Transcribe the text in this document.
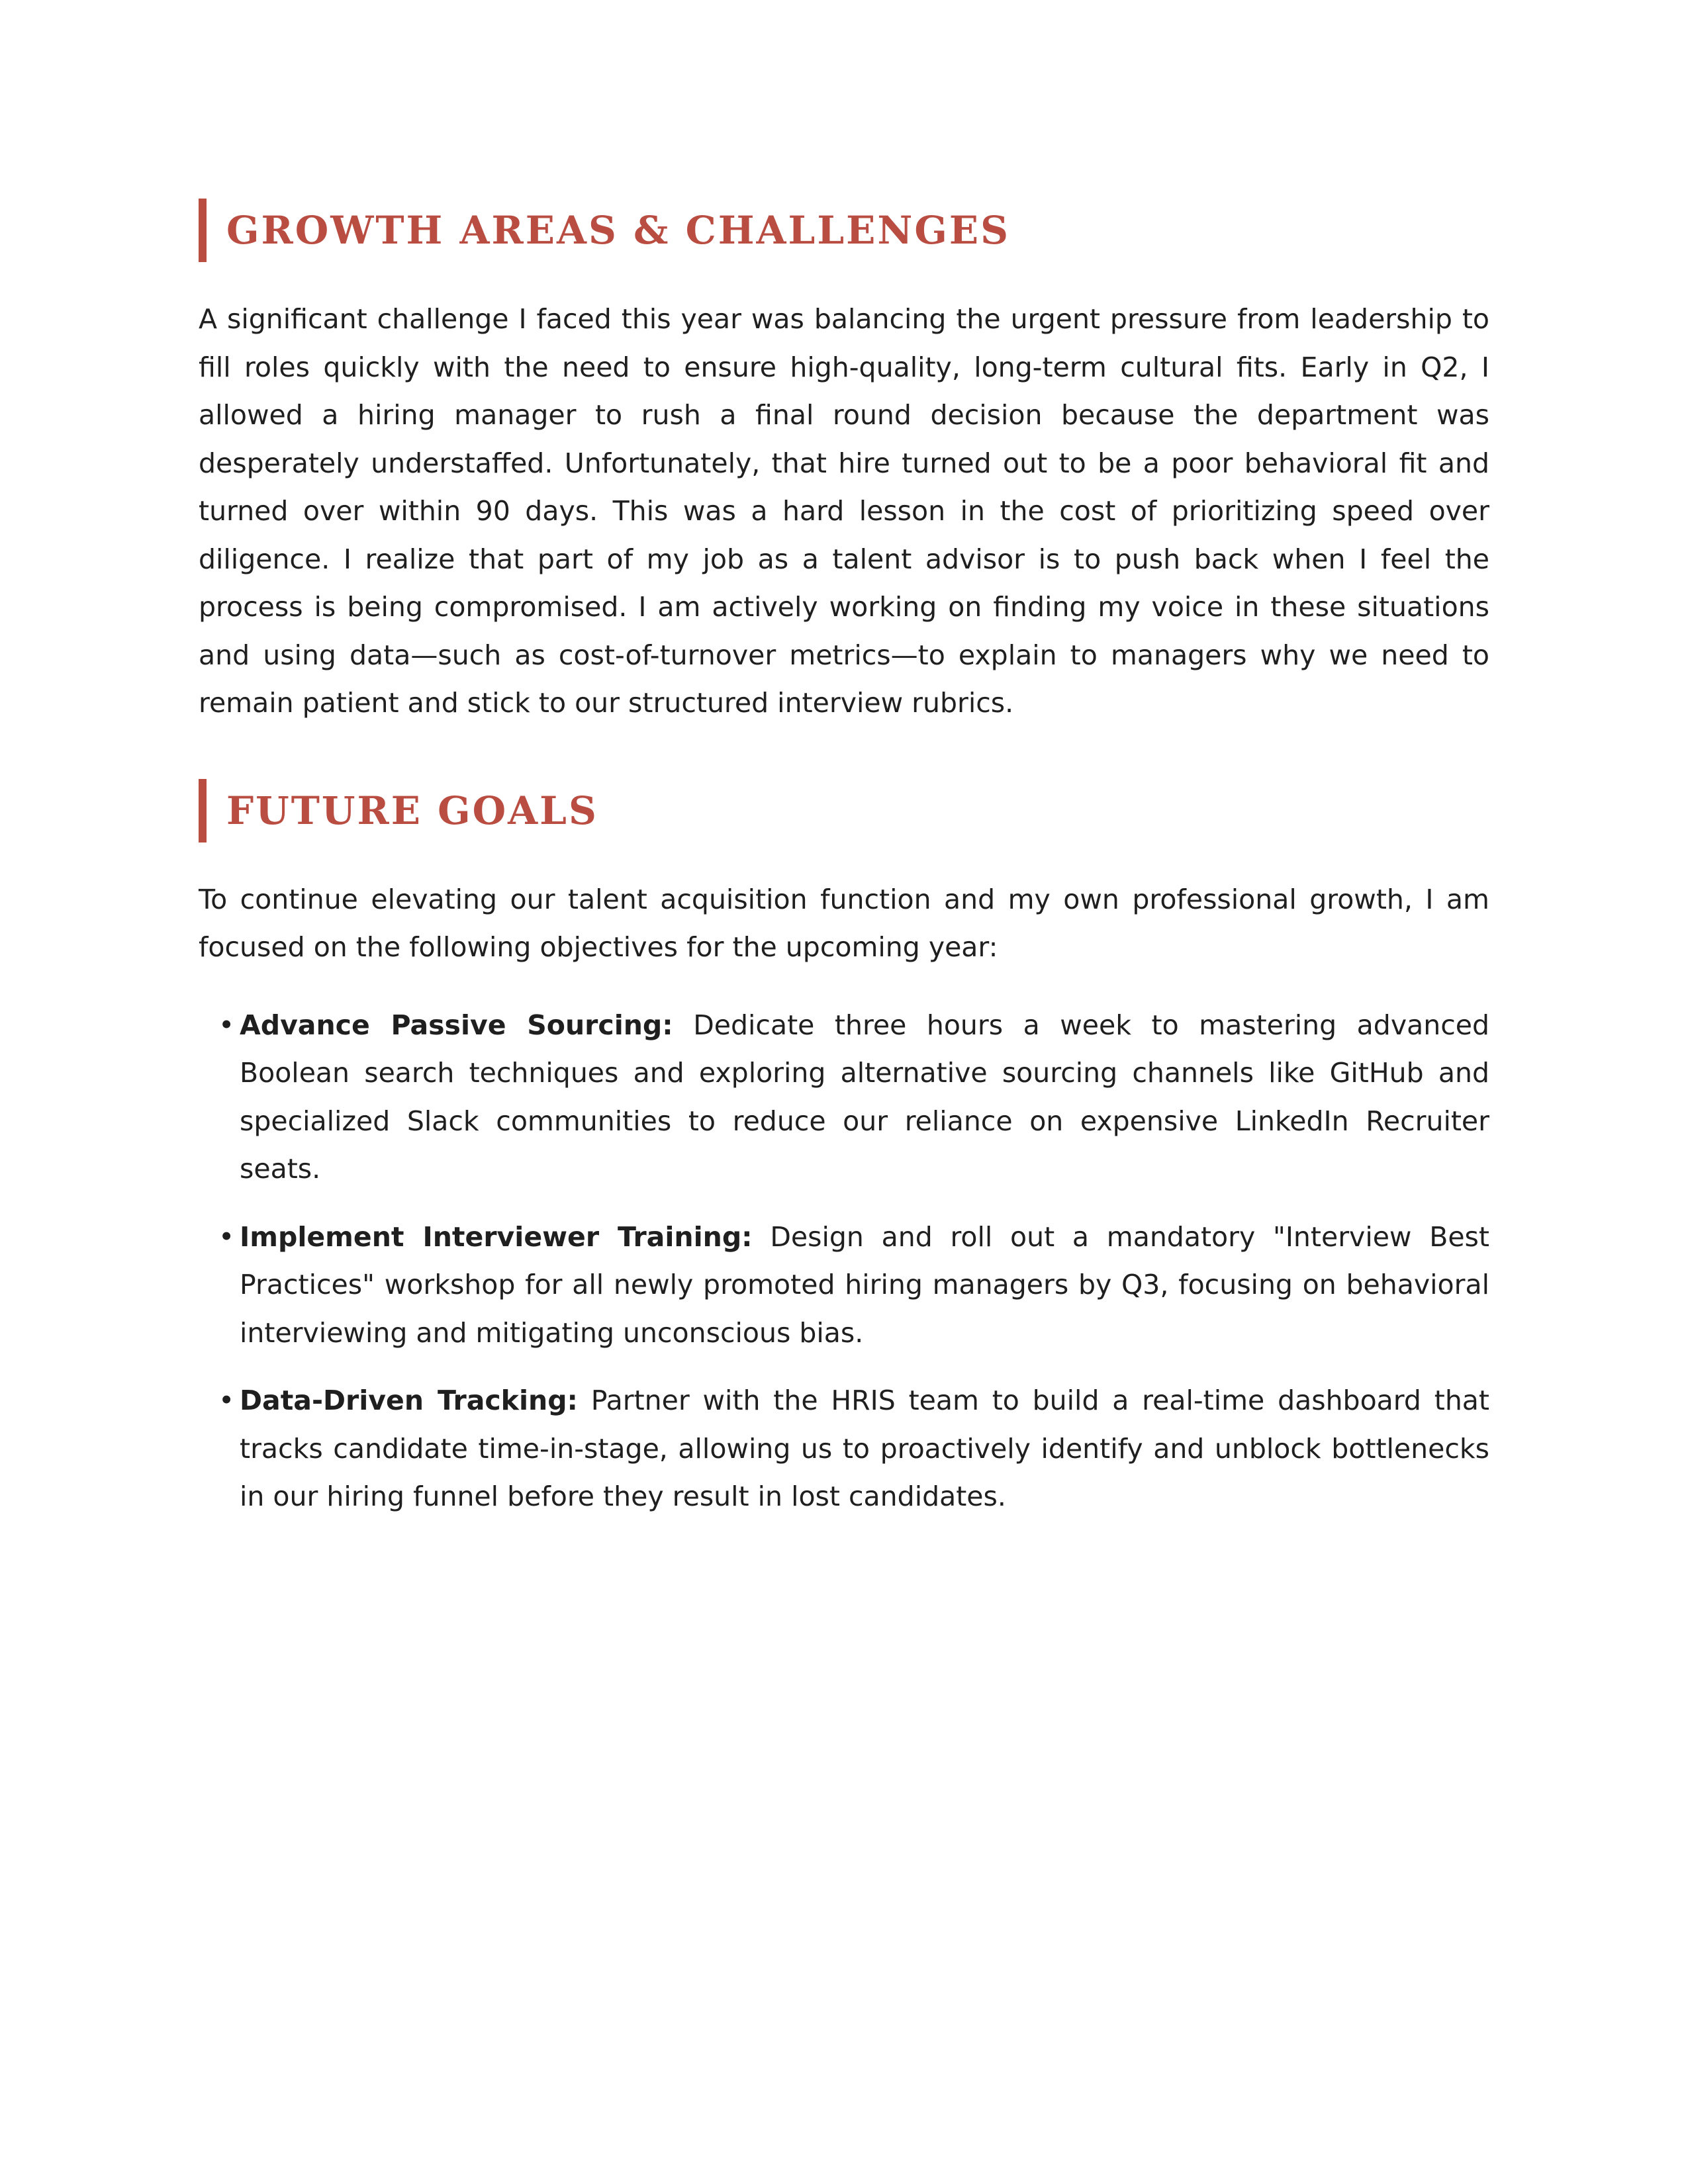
GROWTH AREAS & CHALLENGES

A significant challenge I faced this year was balancing the urgent pressure from leadership to fill roles quickly with the need to ensure high-quality, long-term cultural fits. Early in Q2, I allowed a hiring manager to rush a final round decision because the department was desperately understaffed. Unfortunately, that hire turned out to be a poor behavioral fit and turned over within 90 days. This was a hard lesson in the cost of prioritizing speed over diligence. I realize that part of my job as a talent advisor is to push back when I feel the process is being compromised. I am actively working on finding my voice in these situations and using data—such as cost-of-turnover metrics—to explain to managers why we need to remain patient and stick to our structured interview rubrics.

FUTURE GOALS

To continue elevating our talent acquisition function and my own professional growth, I am focused on the following objectives for the upcoming year:

• Advance Passive Sourcing: Dedicate three hours a week to mastering advanced Boolean search techniques and exploring alternative sourcing channels like GitHub and specialized Slack communities to reduce our reliance on expensive LinkedIn Recruiter seats.
• Implement Interviewer Training: Design and roll out a mandatory "Interview Best Practices" workshop for all newly promoted hiring managers by Q3, focusing on behavioral interviewing and mitigating unconscious bias.
• Data-Driven Tracking: Partner with the HRIS team to build a real-time dashboard that tracks candidate time-in-stage, allowing us to proactively identify and unblock bottlenecks in our hiring funnel before they result in lost candidates.
